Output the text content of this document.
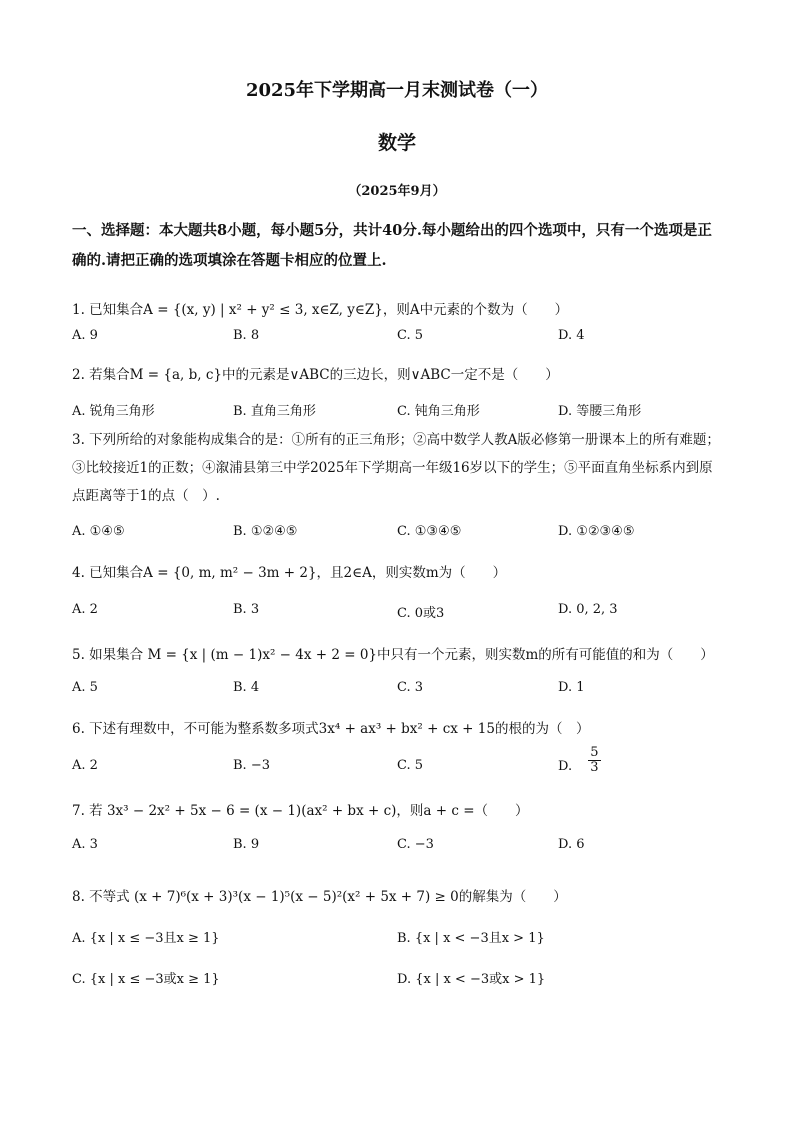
2025年下学期高一月末测试卷（一）
数学
（2025年9月）
一、选择题：本大题共8小题，每小题5分，共计40分.每小题给出的四个选项中，只有一个选项是正确的.请把正确的选项填涂在答题卡相应的位置上.
1. 已知集合A = {(x, y) | x² + y² ≤ 3, x∈Z, y∈Z}，则A中元素的个数为（　　）
A. 9	B. 8	C. 5	D. 4
2. 若集合M = {a, b, c}中的元素是∨ABC的三边长，则∨ABC一定不是（　　）
A. 锐角三角形	B. 直角三角形	C. 钝角三角形	D. 等腰三角形
3. 下列所给的对象能构成集合的是：①所有的正三角形；②高中数学人教A版必修第一册课本上的所有难题；③比较接近1的正数；④溆浦县第三中学2025年下学期高一年级16岁以下的学生；⑤平面直角坐标系内到原点距离等于1的点（　）.
A. ①④⑤	B. ①②④⑤	C. ①③④⑤	D. ①②③④⑤
4. 已知集合A = {0, m, m² − 3m + 2}，且2∈A，则实数m为（　　）
A. 2	B. 3	C. 0或3	D. 0, 2, 3
5. 如果集合 M = {x | (m − 1)x² − 4x + 2 = 0}中只有一个元素，则实数m的所有可能值的和为（　　）
A. 5	B. 4	C. 3	D. 1
6. 下述有理数中，不可能为整系数多项式3x⁴ + ax³ + bx² + cx + 15的根的为（　）
A. 2	B. −3	C. 5	D. $\frac{5}{3}$
7. 若 3x³ − 2x² + 5x − 6 = (x − 1)(ax² + bx + c)，则a + c =（　　）
A. 3	B. 9	C. −3	D. 6
8. 不等式 (x + 7)⁶(x + 3)³(x − 1)⁵(x − 5)²(x² + 5x + 7) ≥ 0的解集为（　　）
A. {x | x ≤ −3且x ≥ 1}	B. {x | x < −3且x > 1}
C. {x | x ≤ −3或x ≥ 1}	D. {x | x < −3或x > 1}
